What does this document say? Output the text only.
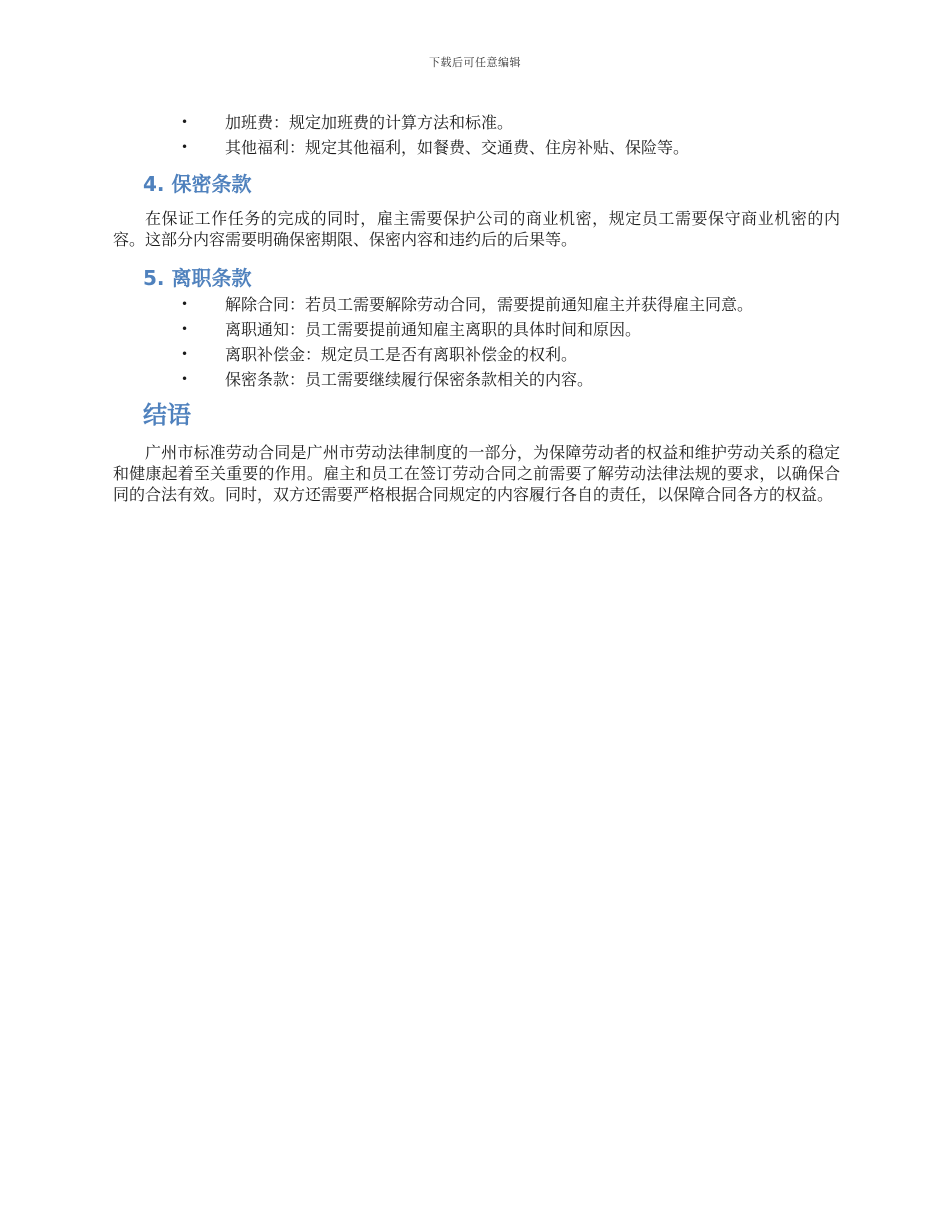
下载后可任意编辑
• 加班费：规定加班费的计算方法和标准。
• 其他福利：规定其他福利，如餐费、交通费、住房补贴、保险等。
4. 保密条款

在保证工作任务的完成的同时，雇主需要保护公司的商业机密，规定员工需要保守商业机密的内容。这部分内容需要明确保密期限、保密内容和违约后的后果等。

5. 离职条款
• 解除合同：若员工需要解除劳动合同，需要提前通知雇主并获得雇主同意。
• 离职通知：员工需要提前通知雇主离职的具体时间和原因。
• 离职补偿金：规定员工是否有离职补偿金的权利。
• 保密条款：员工需要继续履行保密条款相关的内容。
结语

广州市标准劳动合同是广州市劳动法律制度的一部分，为保障劳动者的权益和维护劳动关系的稳定和健康起着至关重要的作用。雇主和员工在签订劳动合同之前需要了解劳动法律法规的要求，以确保合同的合法有效。同时，双方还需要严格根据合同规定的内容履行各自的责任，以保障合同各方的权益。
